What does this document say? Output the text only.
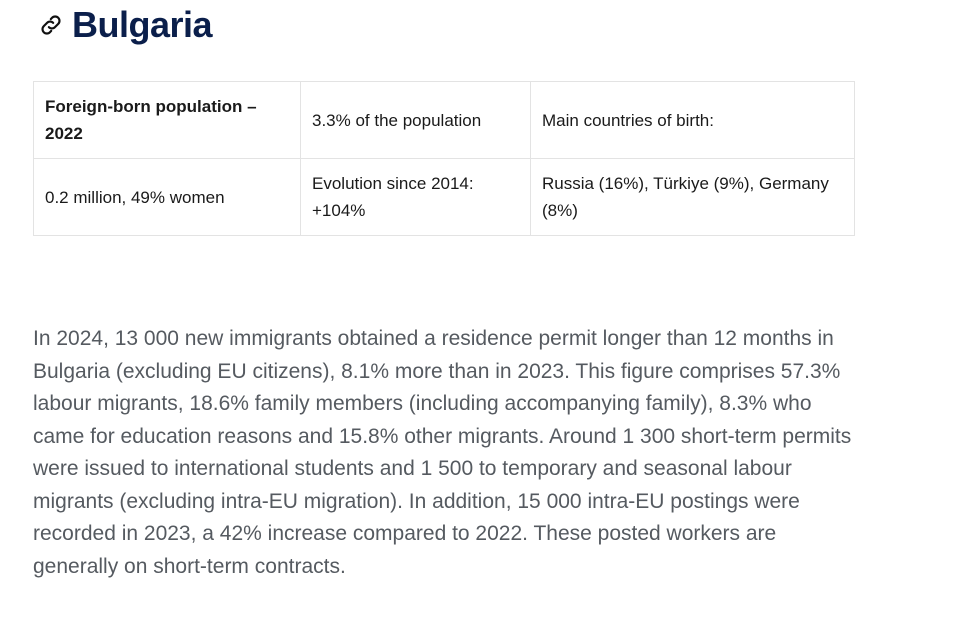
Bulgaria
Foreign-born population – 2022	3.3% of the population	Main countries of birth:
0.2 million, 49% women	Evolution since 2014: +104%	Russia (16%), Türkiye (9%), Germany (8%)

In 2024, 13 000 new immigrants obtained a residence permit longer than 12 months in Bulgaria (excluding EU citizens), 8.1% more than in 2023. This figure comprises 57.3% labour migrants, 18.6% family members (including accompanying family), 8.3% who came for education reasons and 15.8% other migrants. Around 1 300 short-term permits were issued to international students and 1 500 to temporary and seasonal labour migrants (excluding intra-EU migration). In addition, 15 000 intra-EU postings were recorded in 2023, a 42% increase compared to 2022. These posted workers are generally on short-term contracts.
